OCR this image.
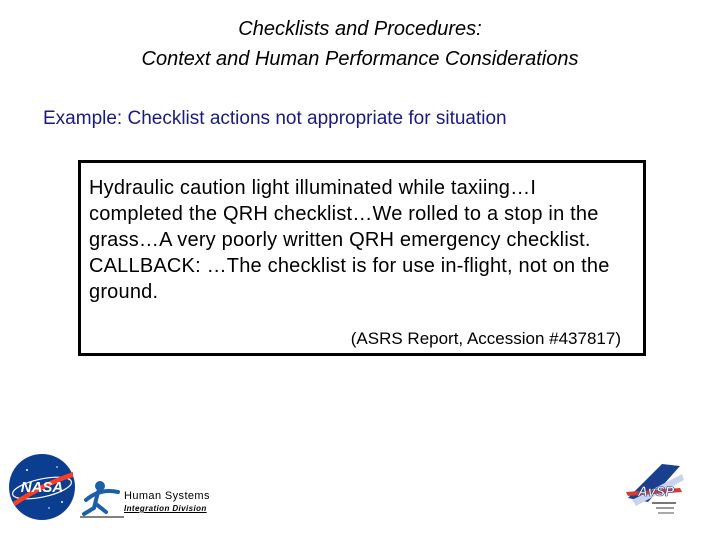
Checklists and Procedures:
Context and Human Performance Considerations
Example: Checklist actions not appropriate for situation
Hydraulic caution light illuminated while taxiing…I completed the QRH checklist…We rolled to a stop in the grass…A very poorly written QRH emergency checklist. CALLBACK: …The checklist is for use in-flight, not on the ground.
(ASRS Report, Accession #437817)
NASA	Human Systems
Integration Division
AvSP
